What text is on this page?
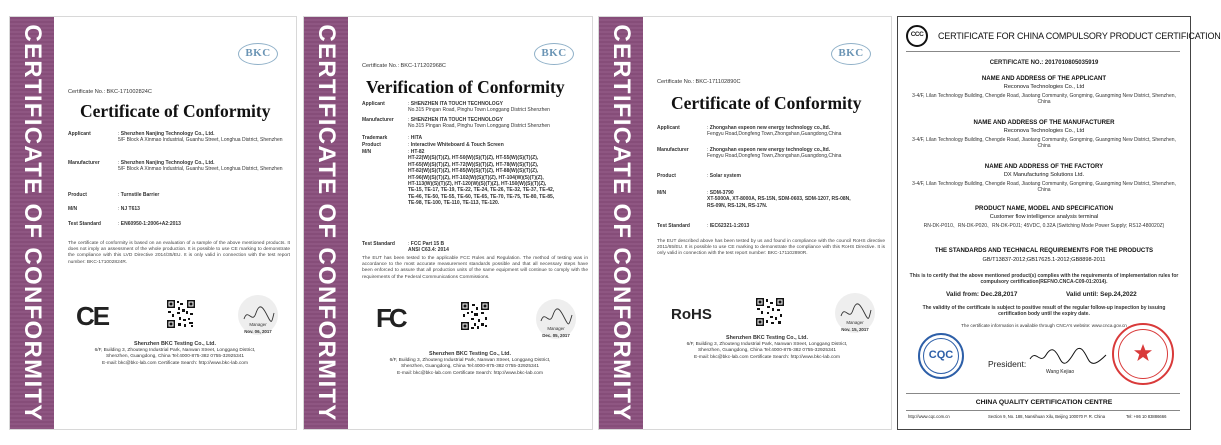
CERTIFICATE OF CONFORMITY	BKC
Certificate No.: BKC-171002824C
Certificate of Conformity
Applicant	: Shenzhen Nanjing Technology Co., Ltd.
5/F Block A Xinmao Industrial, Guanhu Street, Longhua District, Shenzhen
Manufacturer	: Shenzhen Nanjing Technology Co., Ltd.
5/F Block A Xinmao Industrial, Guanhu Street, Longhua District, Shenzhen
Product	: Turnstile Barrier
M/N	: NJ T613
Test Standard	: EN60950-1:2006+A2:2013
The certificate of conformity is based on an evaluation of a sample of the above mentioned products. It does not imply an assessment of the whole production. It is possible to use CE marking to demonstrate the compliance with this LVD Directive 2014/35/EU. It is only valid in connection with the test report number: BKC-171002824R.
CE	Manager
Nov. 06, 2017
Shenzhen BKC Testing Co., Ltd.
6/F, Building 3, Zhouteng Industrial Park, Nanwan Street, Longgang District,
Shenzhen, Guangdong, China Tel:4000-875-382 0755-32925341
E-mail: bkc@bkc-lab.com Certificate Search: http://www.bkc-lab.com	CERTIFICATE OF CONFORMITY	BKC
Certificate No.: BKC-171202968C
Verification of Conformity
Applicant	: SHENZHEN ITA TOUCH TECHNOLOGY
No.315 Pingan Road, Pinghu Town Longgang District Shenzhen
Manufacturer	: SHENZHEN ITA TOUCH TECHNOLOGY
No.315 Pingan Road, Pinghu Town Longgang District Shenzhen
Trademark	: HITA
Product	: Interactive Whiteboard & Touch Screen
M/N	: HT-82
HT-22(W)(S)(T)(Z), HT-50(W)(S)(T)(Z), HT-55(W)(S)(T)(Z),
HT-65(W)(S)(T)(Z), HT-72(W)(S)(T)(Z), HT-78(W)(S)(T)(Z),
HT-82(W)(S)(T)(Z), HT-85(W)(S)(T)(Z), HT-88(W)(S)(T)(Z),
HT-96(W)(S)(T)(Z), HT-102(W)(S)(T)(Z), HT-104(W)(S)(T)(Z),
HT-113(W)(S)(T)(Z), HT-120(W)(S)(T)(Z), HT-150(W)(S)(T)(Z),
TE-15, TE-17, TE-19, TE-22, TE-24, TE-26, TE-32, TE-37, TE-42,
TE-46, TE-50, TE-55, TE-60, TE-65, TE-70, TE-75, TE-80, TE-85,
TE-98, TE-100, TE-110, TE-113, TE-120.
Test Standard	: FCC Part 15 B
ANSI C63.4: 2014
The EUT has been tested to the applicable FCC Rules and Regulation. The method of testing was in accordance to the most accurate measurement standards possible and that all necessary steps have been enforced to assure that all production units of the same equipment will continue to comply with the requirements of the Federal Communications Commissions.
FC	Manager
Dec. 05, 2017
Shenzhen BKC Testing Co., Ltd.
6/F, Building 3, Zhouteng Industrial Park, Nanwan Street, Longgang District,
Shenzhen, Guangdong, China Tel:4000-875-382 0755-32925341
E-mail: bkc@bkc-lab.com Certificate Search: http://www.bkc-lab.com	CERTIFICATE OF CONFORMITY	BKC
Certificate No.: BKC-171102890C
Certificate of Conformity
Applicant	: Zhongshan espeon new energy technology co.,ltd.
Fengyu Road,Dongfeng Town,Zhongshan,Guangdong,China
Manufacturer	: Zhongshan espeon new energy technology co.,ltd.
Fengyu Road,Dongfeng Town,Zhongshan,Guangdong,China
Product	: Solar system
M/N	: SDM-3790
XT-5000A, XT-8000A, RS-15N, SDM-0603, SDM-1207, RS-08N,
RS-09N, RS-12N, RS-17N.
Test Standard	: IEC62321-1:2013
The EUT described above has been tested by us and found in compliance with the council RoHS directive 2011/65/EU. It is possible to use CE marking to demonstrate the compliance with this RoHS Directive. It is only valid in connection with the test report number: BKC-171102890R.
RoHS	Manager
Nov. 15, 2017
Shenzhen BKC Testing Co., Ltd.
6/F, Building 3, Zhouteng Industrial Park, Nanwan Street, Longgang District,
Shenzhen, Guangdong, China Tel:4000-875-382 0755-32925341
E-mail: bkc@bkc-lab.com Certificate Search: http://www.bkc-lab.com
CCC	CERTIFICATE FOR CHINA COMPULSORY PRODUCT CERTIFICATION
CERTIFICATE NO.: 2017010805035919
NAME AND ADDRESS OF THE APPLICANT
Reconova Technologies Co., Ltd
3-4/F, Lilan Technology Building, Chengde Road, Jiaotang Community, Gongming, Guangming New District, Shenzhen, China
NAME AND ADDRESS OF THE MANUFACTURER
Reconova Technologies Co., Ltd
3-4/F, Lilan Technology Building, Chengde Road, Jiaotang Community, Gongming, Guangming New District, Shenzhen, China
NAME AND ADDRESS OF THE FACTORY
DX Manufacturing Solutions Ltd.
3-4/F, Lilan Technology Building, Chengde Road, Jiaotang Community, Gongming, Guangming New District, Shenzhen, China
PRODUCT NAME, MODEL AND SPECIFICATION
Customer flow intelligence analysis terminal
RN-DK-P010、RN-DK-P020、RN-DK-P0J1; 45VDC, 0.32A (Switching Mode Power Supply; RS12-480020Z)
THE STANDARDS AND TECHNICAL REQUIREMENTS FOR THE PRODUCTS
GB/T13837-2012;GB17625.1-2012;GB8898-2011
This is to certify that the above mentioned product(s) complies with the requirements of implementation rules for compulsory certification(REFNO.CNCA-C09-01:2014).
Valid from: Dec.28,2017	Valid until: Sep.24,2022
The validity of the certificate is subject to positive result of the regular follow-up inspection by issuing certification body until the expiry date.
The certificate information is available through CNCA's website: www.cnca.gov.cn
CQC
President:
Wang Kejiao
CHINA QUALITY CERTIFICATION CENTRE
http://www.cqc.com.cn	Section 9, No. 188, Nansihuan Xilu, Beijing 100070 P. R. China	Tel: +86 10 83886666
